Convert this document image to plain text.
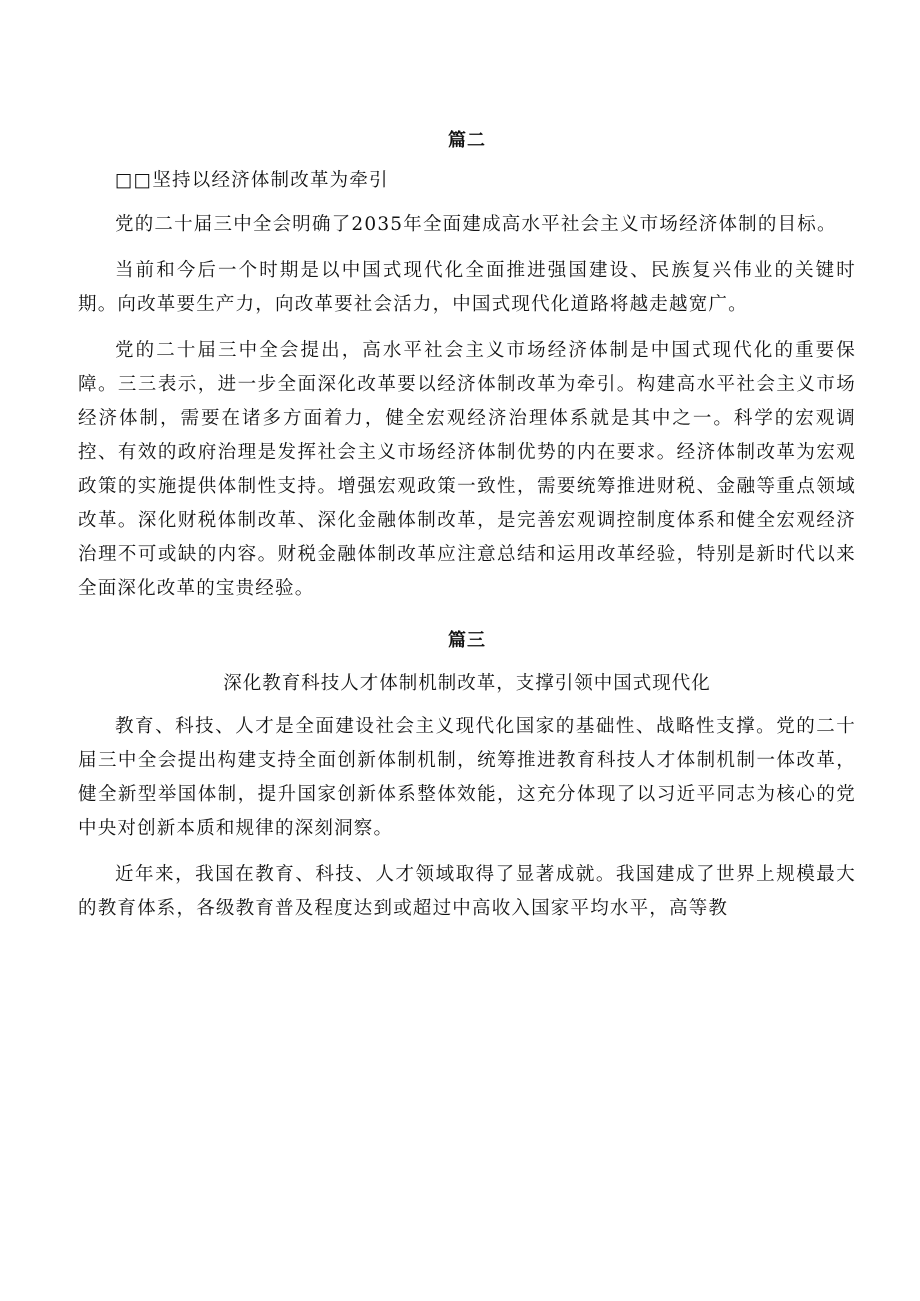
篇二

□□坚持以经济体制改革为牵引

党的二十届三中全会明确了2035年全面建成高水平社会主义市场经济体制的目标。

当前和今后一个时期是以中国式现代化全面推进强国建设、民族复兴伟业的关键时期。向改革要生产力，向改革要社会活力，中国式现代化道路将越走越宽广。

党的二十届三中全会提出，高水平社会主义市场经济体制是中国式现代化的重要保障。三㆔表示，进一步全面深化改革要以经济体制改革为牵引。构建高水平社会主义市场经济体制，需要在诸多方面着力，健全宏观经济治理体系就是其中之一。科学的宏观调控、有效的政府治理是发挥社会主义市场经济体制优势的内在要求。经济体制改革为宏观政策的实施提供体制性支持。增强宏观政策一致性，需要统筹推进财税、金融等重点领域改革。深化财税体制改革、深化金融体制改革，是完善宏观调控制度体系和健全宏观经济治理不可或缺的内容。财税金融体制改革应注意总结和运用改革经验，特别是新时代以来全面深化改革的宝贵经验。

篇三

深化教育科技人才体制机制改革，支撑引领中国式现代化

教育、科技、人才是全面建设社会主义现代化国家的基础性、战略性支撑。党的二十届三中全会提出构建支持全面创新体制机制，统筹推进教育科技人才体制机制一体改革，健全新型举国体制，提升国家创新体系整体效能，这充分体现了以习近平同志为核心的党中央对创新本质和规律的深刻洞察。

近年来，我国在教育、科技、人才领域取得了显著成就。我国建成了世界上规模最大的教育体系，各级教育普及程度达到或超过中高收入国家平均水平，高等教
